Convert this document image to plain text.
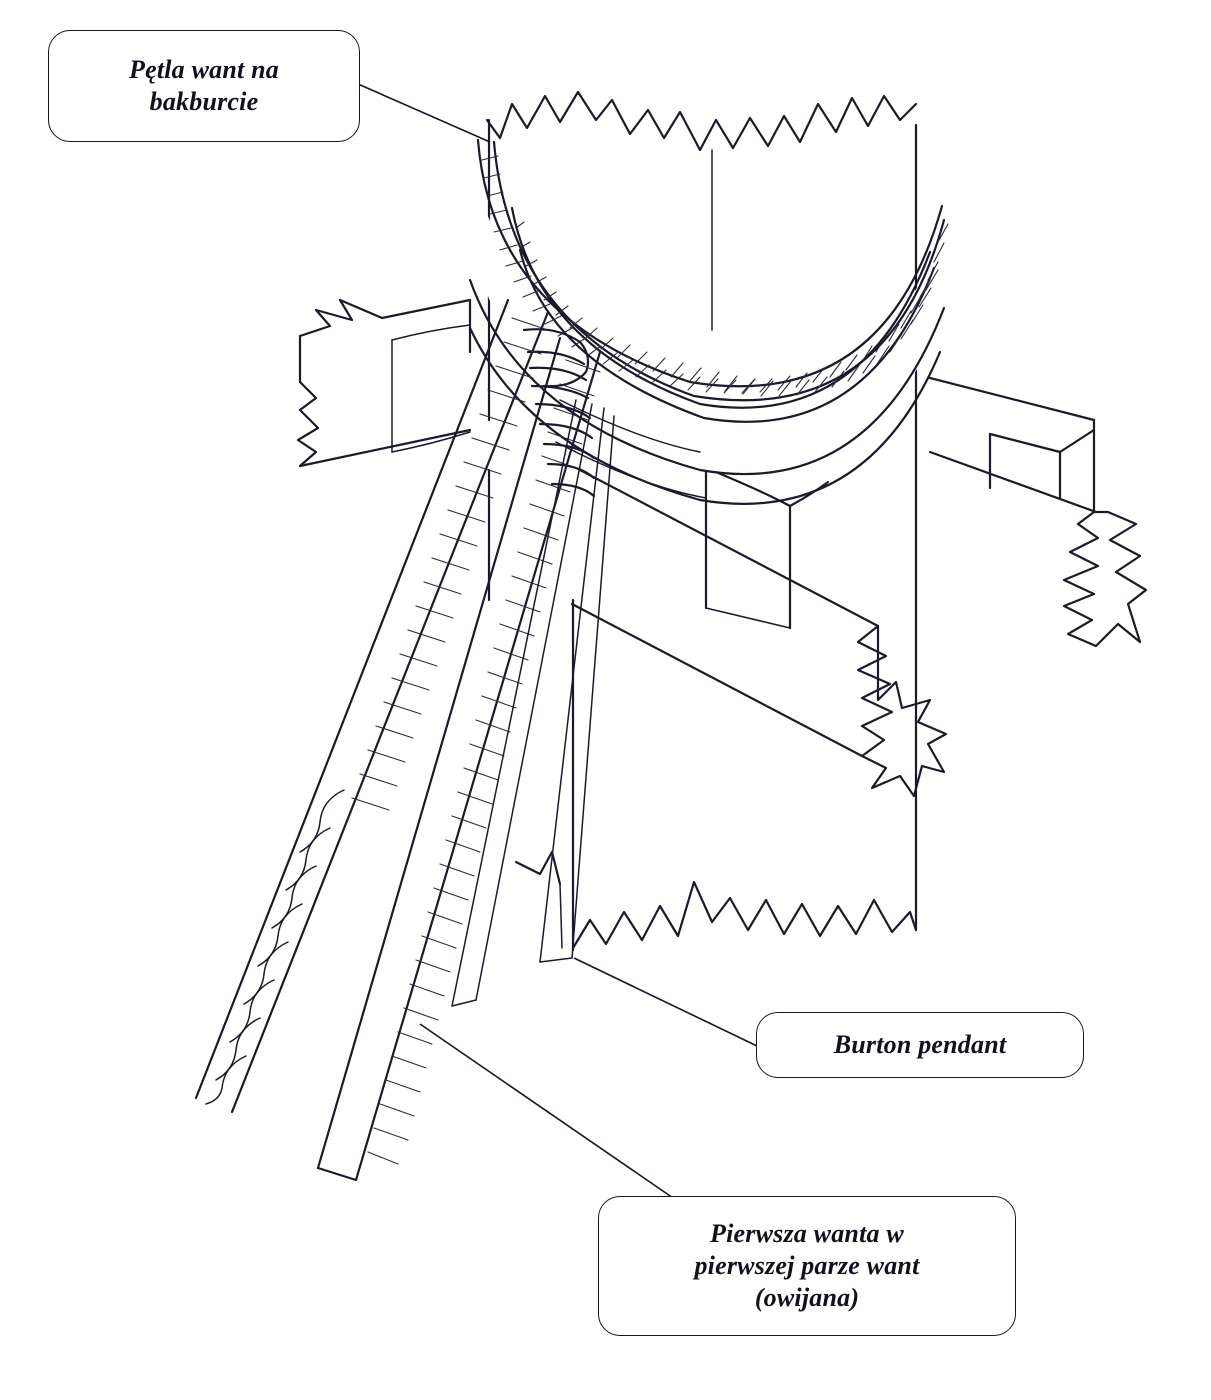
Pętla want na
bakburcie
Burton pendant
Pierwsza wanta w
pierwszej parze want
(owijana)
